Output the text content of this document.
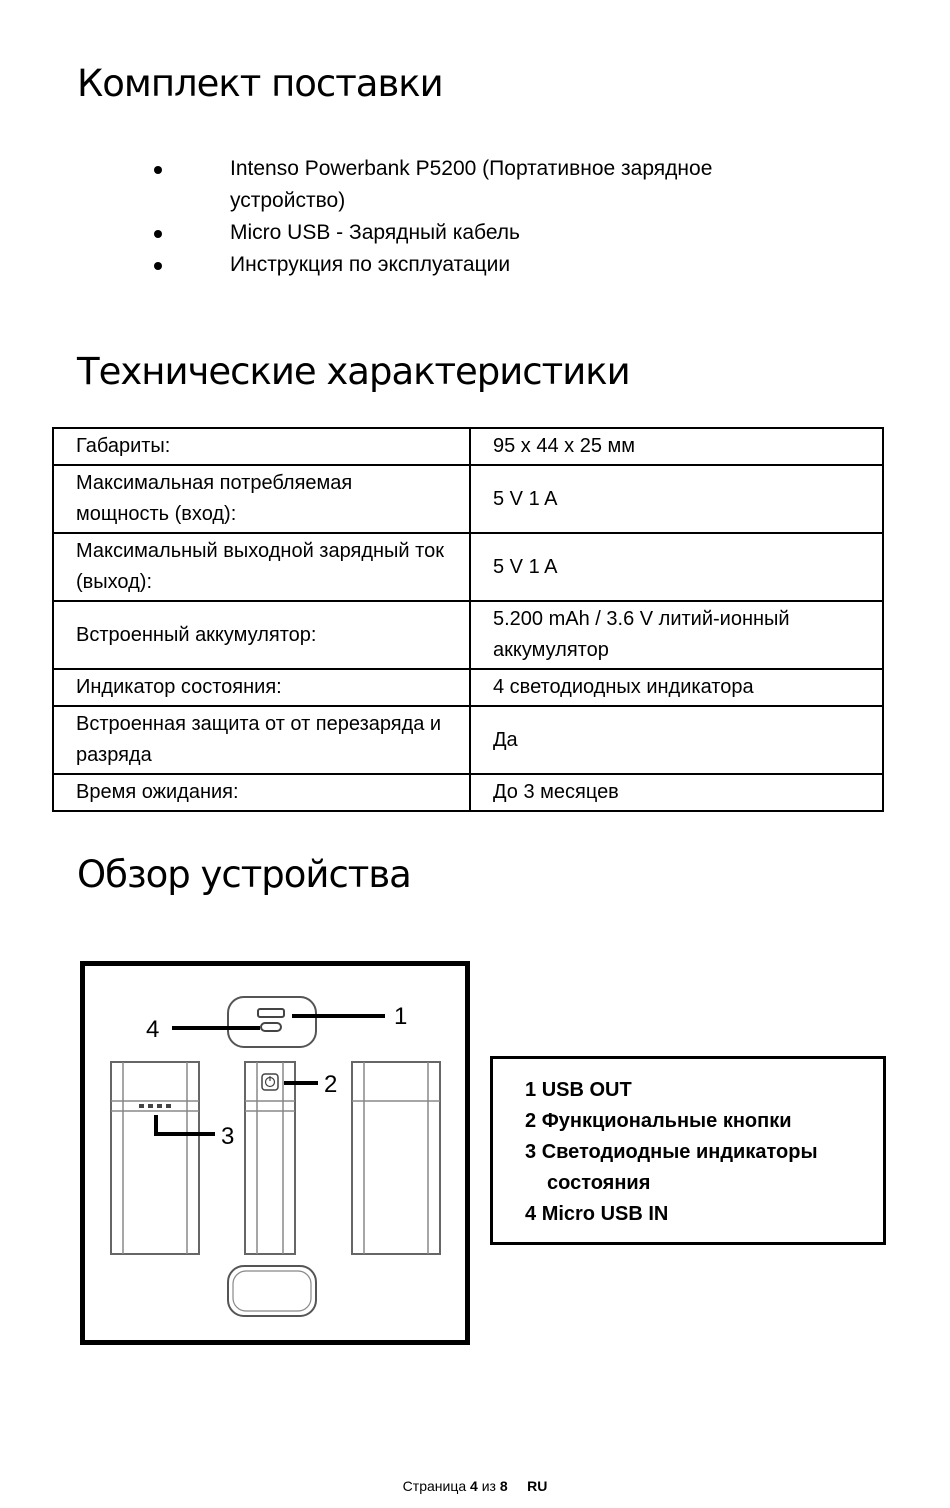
Комплект поставки
Intenso Powerbank P5200 (Портативное зарядное устройство)
Micro USB - Зарядный кабель
Инструкция по эксплуатации
Технические характеристики
Габариты:	95 x 44 x 25 мм
Максимальная потребляемая мощность (вход):	5 V 1 A
Максимальный выходной зарядный ток (выход):	5 V 1 A
Встроенный аккумулятор:	5.200 mAh / 3.6 V литий-ионный аккумулятор
Индикатор состояния:	4 светодиодных индикатора
Встроенная защита от от перезаряда и разряда	Да
Время ожидания:	До 3 месяцев
Обзор устройства
1
4
3
2	1 USB OUT
2 Функциональные кнопки
3 Светодиодные индикаторы
состояния
4 Micro USB IN
Страница 4 из 8 RU
